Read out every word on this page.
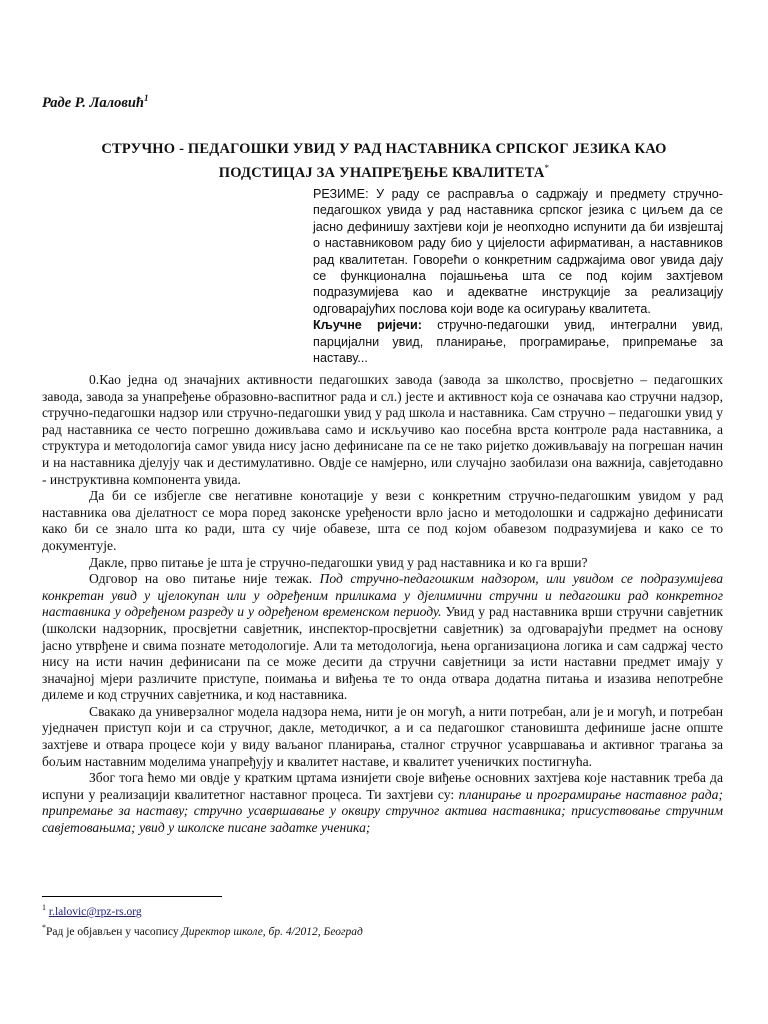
Раде Р. Лаловић$^1$
СТРУЧНО - ПЕДАГОШКИ УВИД У РАД НАСТАВНИКА СРПСКОГ ЈЕЗИКА КАО
ПОДСТИЦАЈ ЗА УНАПРЕЂЕЊЕ КВАЛИТЕТА*

РЕЗИМЕ: У раду се расправља о садржају и предмету стручно-педагошкох увида у рад наставника српског језика с циљем да се јасно дефинишу захтјеви који је неопходно испунити да би извјештај о наставниковом раду био у цијелости афирмативан, а наставников рад квалитетан. Говорећи о конкретним садржајима овог увида дају се функционална појашњења шта се под којим захтјевом подразумијева као и адекватне инструкције за реализацију одговарајућих послова који воде ка осигурању квалитета.

Кључне ријечи: стручно-педагошки увид, интегрални увид, парцијални увид, планирање, програмирање, припремање за наставу...

0.Као једна од значајних активности педагошких завода (завода за школство, просвјетно – педагошких завода, завода за унапређење образовно-васпитног рада и сл.) јесте и активност која се означава као стручни надзор, стручно-педагошки надзор или стручно-педагошки увид у рад школа и наставника. Сам стручно – педагошки увид у рад наставника се често погрешно доживљава само и искључиво као посебна врста контроле рада наставника, а структура и методологија самог увида нису јасно дефинисане па се не тако ријетко доживљавају на погрешан начин и на наставника дјелују чак и дестимулативно. Овдје се намјерно, или случајно заобилази она важнија, савјетодавно - инструктивна компонента увида.

Да би се избјегле све негативне конотације у вези с конкретним стручно-педагошким увидом у рад наставника ова дјелатност се мора поред законске уређености врло јасно и методолошки и садржајно дефинисати како би се знало шта ко ради, шта су чије обавезе, шта се под којом обавезом подразумијева и како се то документује.

Дакле, прво питање је шта је стручно-педагошки увид у рад наставника и ко га врши?

Одговор на ово питање није тежак. Под стручно-педагошким надзором, или увидом се подразумијева конкретан увид у цјелокупан или у одређеним приликама у дјелимични стручни и педагошки рад конкретног наставника у одређеном разреду и у одређеном временском периоду. Увид у рад наставника врши стручни савјетник (школски надзорник, просвјетни савјетник, инспектор-просвјетни савјетник) за одговарајући предмет на основу јасно утврђене и свима познате методологије. Али та методологија, њена организациона логика и сам садржај често нису на исти начин дефинисани па се може десити да стручни савјетници за исти наставни предмет имају у значајној мјери различите приступе, поимања и виђења те то онда отвара додатна питања и изазива непотребне дилеме и код стручних савјетника, и код наставника.

Свакако да универзалног модела надзора нема, нити је он могућ, а нити потребан, али је и могућ, и потребан уједначен приступ који и са стручног, дакле, методичког, а и са педагошког становишта дефинише јасне опште захтјеве и отвара процесе који у виду ваљаног планирања, сталног стручног усавршавања и активног трагања за бољим наставним моделима унапређују и квалитет наставе, и квалитет ученичких постигнућа.

Због тога ћемо ми овдје у кратким цртама изнијети своје виђење основних захтјева које наставник треба да испуни у реализацији квалитетног наставног процеса. Ти захтјеви су: планирање и програмирање наставног рада; припремање за наставу; стручно усавршавање у оквиру стручног актива наставника; присуствовање стручним савјетовањима; увид у школске писане задатке ученика;

$^1$ r.lalovic@rpz-rs.org
*Рад је објављен у часопису Директор школе, бр. 4/2012, Београд
